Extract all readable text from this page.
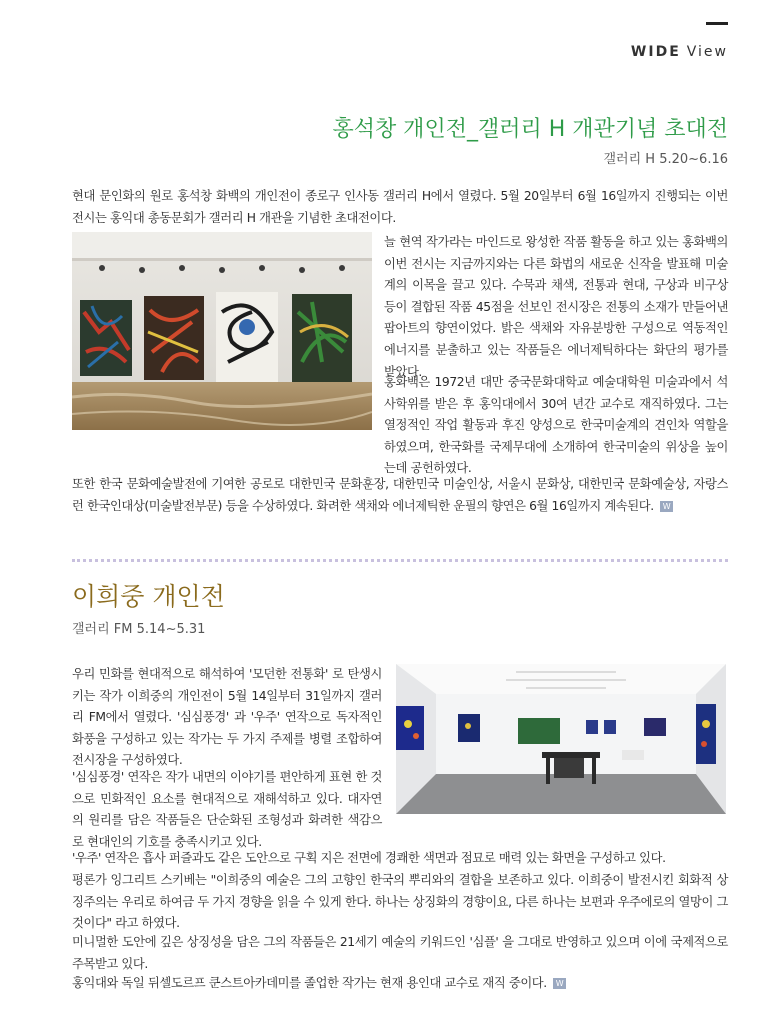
WIDE View
홍석창 개인전_갤러리 H 개관기념 초대전
갤러리 H 5.20~6.16

현대 문인화의 원로 홍석창 화백의 개인전이 종로구 인사동 갤러리 H에서 열렸다. 5월 20일부터 6월 16일까지 진행되는 이번 전시는 홍익대 총동문회가 갤러리 H 개관을 기념한 초대전이다.

늘 현역 작가라는 마인드로 왕성한 작품 활동을 하고 있는 홍화백의 이번 전시는 지금까지와는 다른 화법의 새로운 신작을 발표해 미술계의 이목을 끌고 있다. 수묵과 채색, 전통과 현대, 구상과 비구상 등이 결합된 작품 45점을 선보인 전시장은 전통의 소재가 만들어낸 팝아트의 향연이었다. 밝은 색채와 자유분방한 구성으로 역동적인 에너지를 분출하고 있는 작품들은 에너제틱하다는 화단의 평가를 받았다.

홍화백은 1972년 대만 중국문화대학교 예술대학원 미술과에서 석사학위를 받은 후 홍익대에서 30여 년간 교수로 재직하였다. 그는 열정적인 작업 활동과 후진 양성으로 한국미술계의 견인차 역할을 하였으며, 한국화를 국제무대에 소개하여 한국미술의 위상을 높이는데 공헌하였다.

또한 한국 문화예술발전에 기여한 공로로 대한민국 문화훈장, 대한민국 미술인상, 서울시 문화상, 대한민국 문화예술상, 자랑스런 한국인대상(미술발전부문) 등을 수상하였다. 화려한 색채와 에너제틱한 운필의 향연은 6월 16일까지 계속된다. W

이희중 개인전
갤러리 FM 5.14~5.31

우리 민화를 현대적으로 해석하여 '모던한 전통화' 로 탄생시키는 작가 이희중의 개인전이 5월 14일부터 31일까지 갤러리 FM에서 열렸다. '심심풍경' 과 '우주' 연작으로 독자적인 화풍을 구성하고 있는 작가는 두 가지 주제를 병렬 조합하여 전시장을 구성하였다.

'심심풍경' 연작은 작가 내면의 이야기를 편안하게 표현 한 것으로 민화적인 요소를 현대적으로 재해석하고 있다. 대자연의 원리를 담은 작품들은 단순화된 조형성과 화려한 색감으로 현대인의 기호를 충족시키고 있다.

'우주' 연작은 흡사 퍼즐과도 같은 도안으로 구획 지은 전면에 경쾌한 색면과 점묘로 매력 있는 화면을 구성하고 있다.

평론가 잉그리트 스키베는 "이희중의 예술은 그의 고향인 한국의 뿌리와의 결합을 보존하고 있다. 이희중이 발전시킨 회화적 상징주의는 우리로 하여금 두 가지 경향을 읽을 수 있게 한다. 하나는 상징화의 경향이요, 다른 하나는 보편과 우주에로의 열망이 그것이다" 라고 하였다.

미니멀한 도안에 깊은 상징성을 담은 그의 작품들은 21세기 예술의 키워드인 '심플' 을 그대로 반영하고 있으며 이에 국제적으로 주목받고 있다.

홍익대와 독일 뒤셀도르프 쿤스트아카데미를 졸업한 작가는 현재 용인대 교수로 재직 중이다. W
